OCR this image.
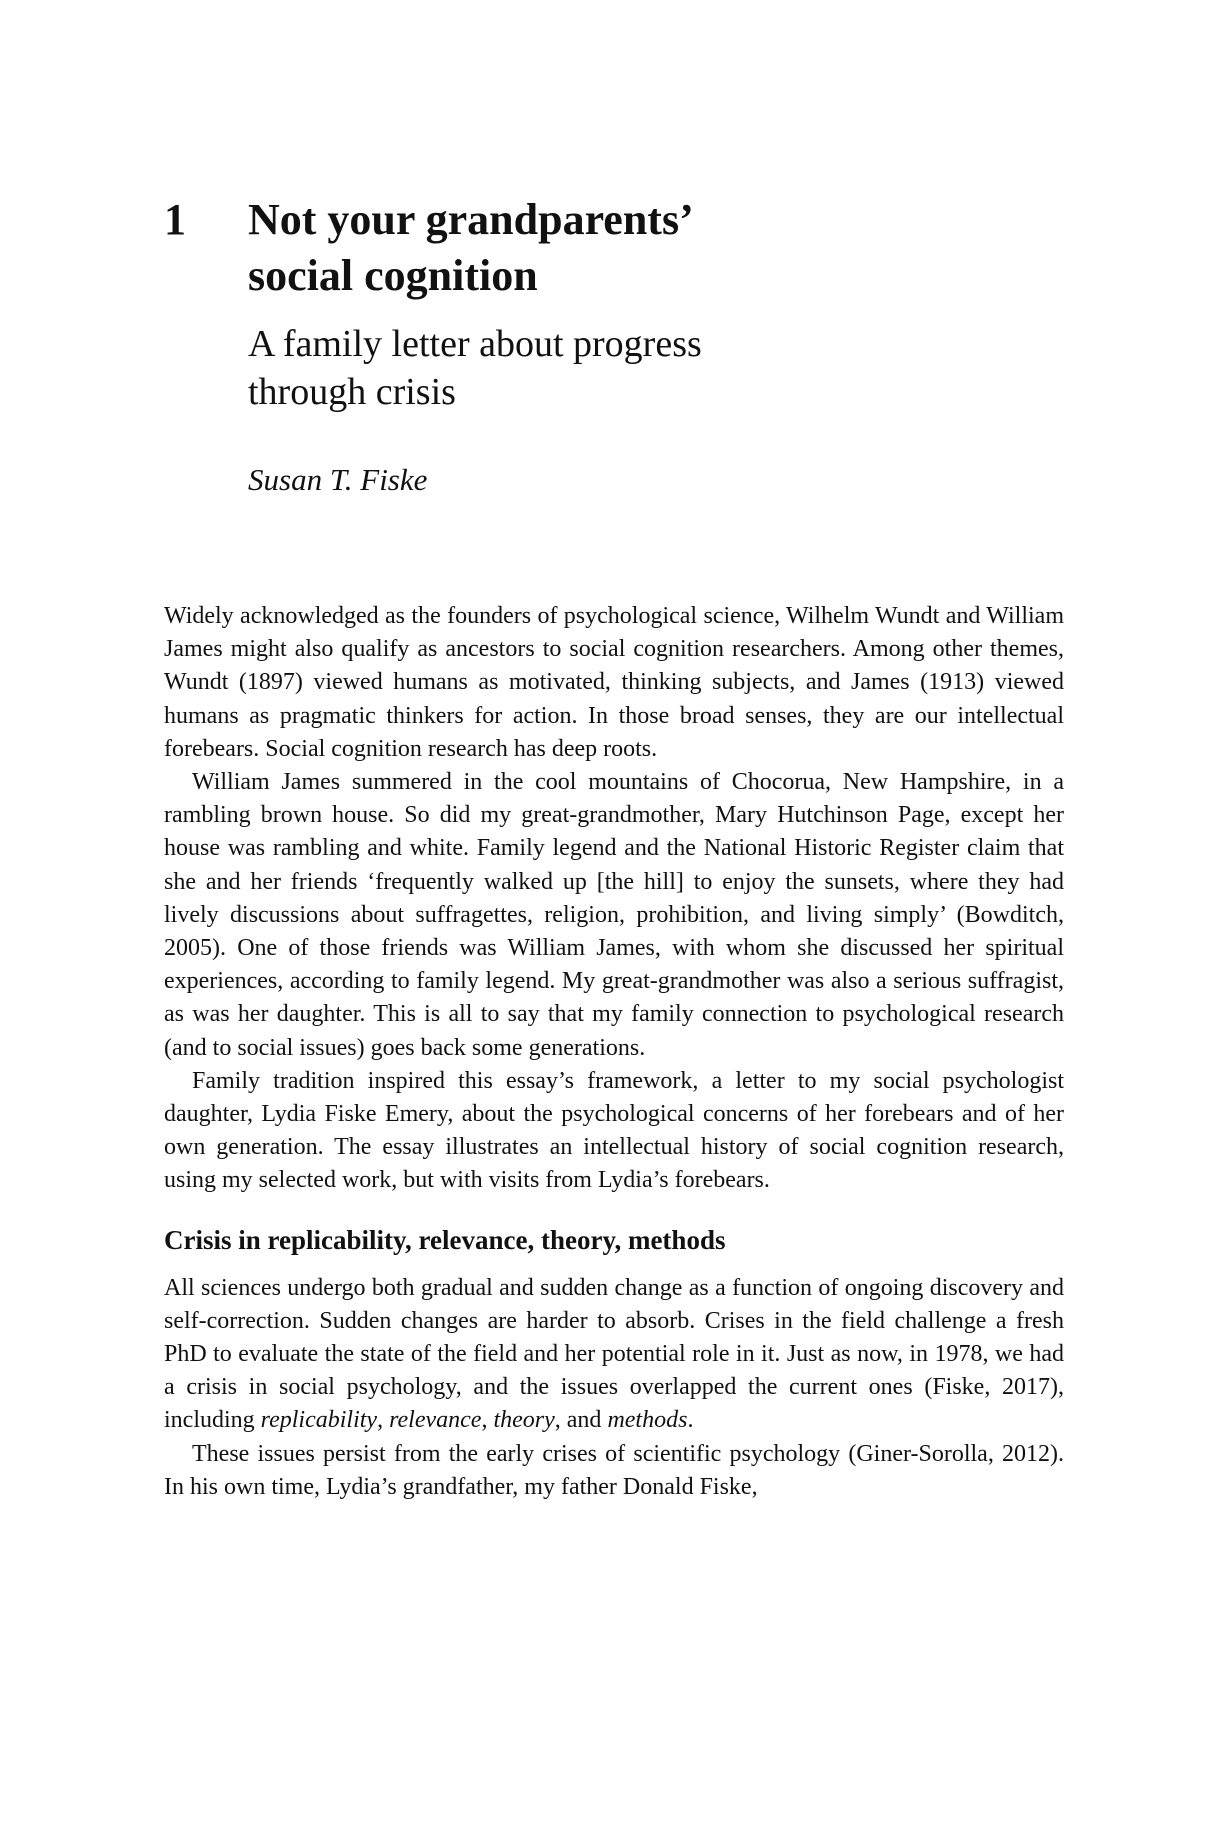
1 Not your grandparents’
social cognition
A family letter about progress
through crisis

Susan T. Fiske

Widely acknowledged as the founders of psychological science, Wilhelm Wundt and William James might also qualify as ancestors to social cognition researchers. Among other themes, Wundt (1897) viewed humans as motivated, thinking subjects, and James (1913) viewed humans as pragmatic thinkers for action. In those broad senses, they are our intellectual forebears. Social cognition research has deep roots.

William James summered in the cool mountains of Chocorua, New Hampshire, in a rambling brown house. So did my great-grandmother, Mary Hutchinson Page, except her house was rambling and white. Family legend and the National Historic Register claim that she and her friends ‘frequently walked up [the hill] to enjoy the sunsets, where they had lively discussions about suffragettes, religion, prohibition, and living simply’ (Bowditch, 2005). One of those friends was William James, with whom she discussed her spiritual experiences, according to family legend. My great-grandmother was also a serious suffragist, as was her daughter. This is all to say that my family connection to psychological research (and to social issues) goes back some generations.

Family tradition inspired this essay’s framework, a letter to my social psychologist daughter, Lydia Fiske Emery, about the psychological concerns of her forebears and of her own generation. The essay illustrates an intellectual history of social cognition research, using my selected work, but with visits from Lydia’s forebears.

Crisis in replicability, relevance, theory, methods

All sciences undergo both gradual and sudden change as a function of ongoing discovery and self-correction. Sudden changes are harder to absorb. Crises in the field challenge a fresh PhD to evaluate the state of the field and her potential role in it. Just as now, in 1978, we had a crisis in social psychology, and the issues overlapped the current ones (Fiske, 2017), including replicability, relevance, theory, and methods.

These issues persist from the early crises of scientific psychology (Giner-Sorolla, 2012). In his own time, Lydia’s grandfather, my father Donald Fiske,
